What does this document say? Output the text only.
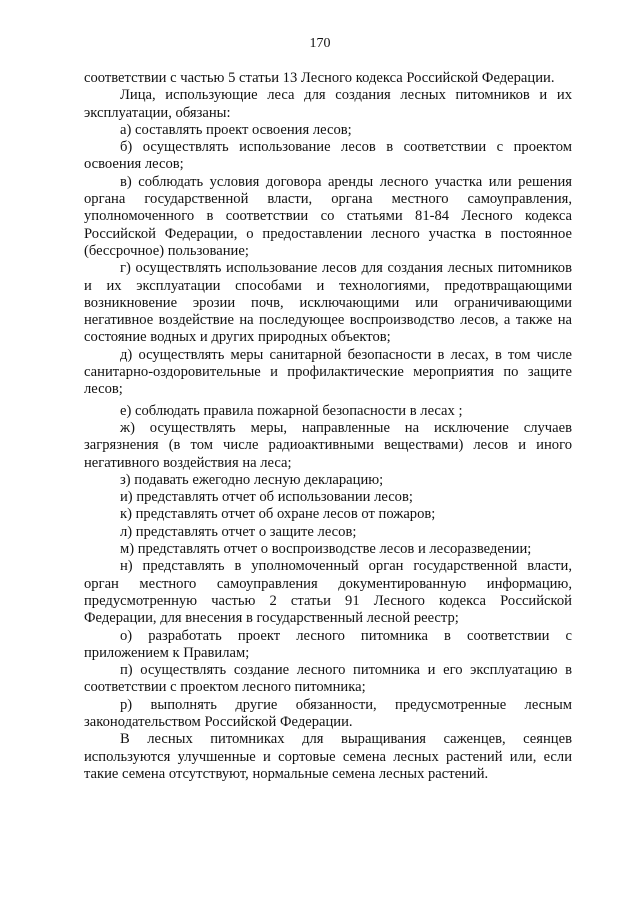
170

соответствии с частью 5 статьи 13 Лесного кодекса Российской Федерации.

Лица, использующие леса для создания лесных питомников и их эксплуатации, обязаны:

а) составлять проект освоения лесов;

б) осуществлять использование лесов в соответствии с проектом освоения лесов;

в) соблюдать условия договора аренды лесного участка или решения органа государственной власти, органа местного самоуправления, уполномоченного в соответствии со статьями 81-84 Лесного кодекса Российской Федерации, о предоставлении лесного участка в постоянное (бессрочное) пользование;

г) осуществлять использование лесов для создания лесных питомников и их эксплуатации способами и технологиями, предотвращающими возникновение эрозии почв, исключающими или ограничивающими негативное воздействие на последующее воспроизводство лесов, а также на состояние водных и других природных объектов;

д) осуществлять меры санитарной безопасности в лесах, в том числе санитарно-оздоровительные и профилактические мероприятия по защите лесов;

е) соблюдать правила пожарной безопасности в лесах ;

ж) осуществлять меры, направленные на исключение случаев загрязнения (в том числе радиоактивными веществами) лесов и иного негативного воздействия на леса;

з) подавать ежегодно лесную декларацию;

и) представлять отчет об использовании лесов;

к) представлять отчет об охране лесов от пожаров;

л) представлять отчет о защите лесов;

м) представлять отчет о воспроизводстве лесов и лесоразведении;

н) представлять в уполномоченный орган государственной власти, орган местного самоуправления документированную информацию, предусмотренную частью 2 статьи 91 Лесного кодекса Российской Федерации, для внесения в государственный лесной реестр;

о) разработать проект лесного питомника в соответствии с приложением к Правилам;

п) осуществлять создание лесного питомника и его эксплуатацию в соответствии с проектом лесного питомника;

р) выполнять другие обязанности, предусмотренные лесным законодательством Российской Федерации.

В лесных питомниках для выращивания саженцев, сеянцев используются улучшенные и сортовые семена лесных растений или, если такие семена отсутствуют, нормальные семена лесных растений.
